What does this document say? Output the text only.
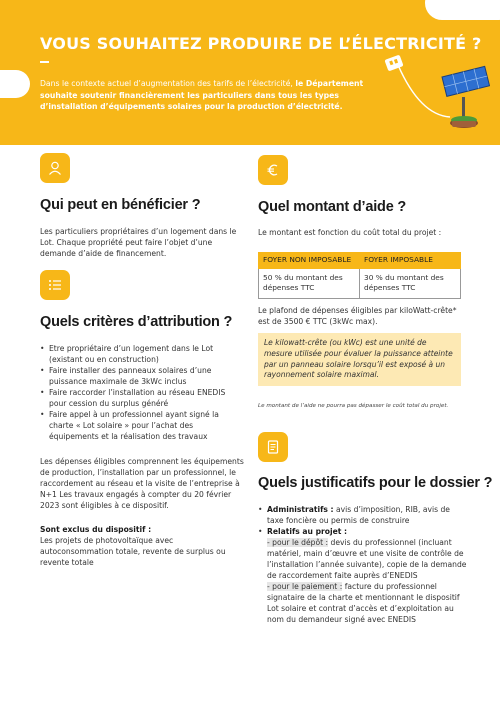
VOUS SOUHAITEZ PRODUIRE DE L’ÉLECTRICITÉ ?
Dans le contexte actuel d’augmentation des tarifs de l’électricité, le Département souhaite soutenir financièrement les particuliers dans tous les types d’installation d’équipements solaires pour la production d’électricité.
Qui peut en bénéficier ?
Les particuliers propriétaires d’un logement dans le Lot. Chaque propriété peut faire l’objet d’une demande d’aide de financement.
Quels critères d’attribution ?
• Etre propriétaire d’un logement dans le Lot (existant ou en construction)
• Faire installer des panneaux solaires d’une puissance maximale de 3kWc inclus
• Faire raccorder l’installation au réseau ENEDIS pour cession du surplus généré
• Faire appel à un professionnel ayant signé la charte « Lot solaire » pour l’achat des équipements et la réalisation des travaux
Les dépenses éligibles comprennent les équipements de production, l’installation par un professionnel, le raccordement au réseau et la visite de l’entreprise à N+1 Les travaux engagés à compter du 20 février 2023 sont éligibles à ce dispositif.
Sont exclus du dispositif :
Les projets de photovoltaïque avec autoconsommation totale, revente de surplus ou revente totale
Quel montant d’aide ?
Le montant est fonction du coût total du projet :
FOYER NON IMPOSABLE	FOYER IMPOSABLE
50 % du montant des dépenses TTC	30 % du montant des dépenses TTC
Le plafond de dépenses éligibles par kiloWatt-crête* est de 3500 € TTC (3kWc max).
Le kilowatt-crête (ou kWc) est une unité de mesure utilisée pour évaluer la puissance atteinte par un panneau solaire lorsqu’il est exposé à un rayonnement solaire maximal.
Le montant de l’aide ne pourra pas dépasser le coût total du projet.
Quels justificatifs pour le dossier ?
• Administratifs : avis d’imposition, RIB, avis de taxe foncière ou permis de construire
• Relatifs au projet :
- pour le dépôt : devis du professionnel (incluant matériel, main d’œuvre et une visite de contrôle de l’installation l’année suivante), copie de la demande de raccordement faite auprès d’ENEDIS
- pour le paiement : facture du professionnel signataire de la charte et mentionnant le dispositif Lot solaire et contrat d’accès et d’exploitation au nom du demandeur signé avec ENEDIS
